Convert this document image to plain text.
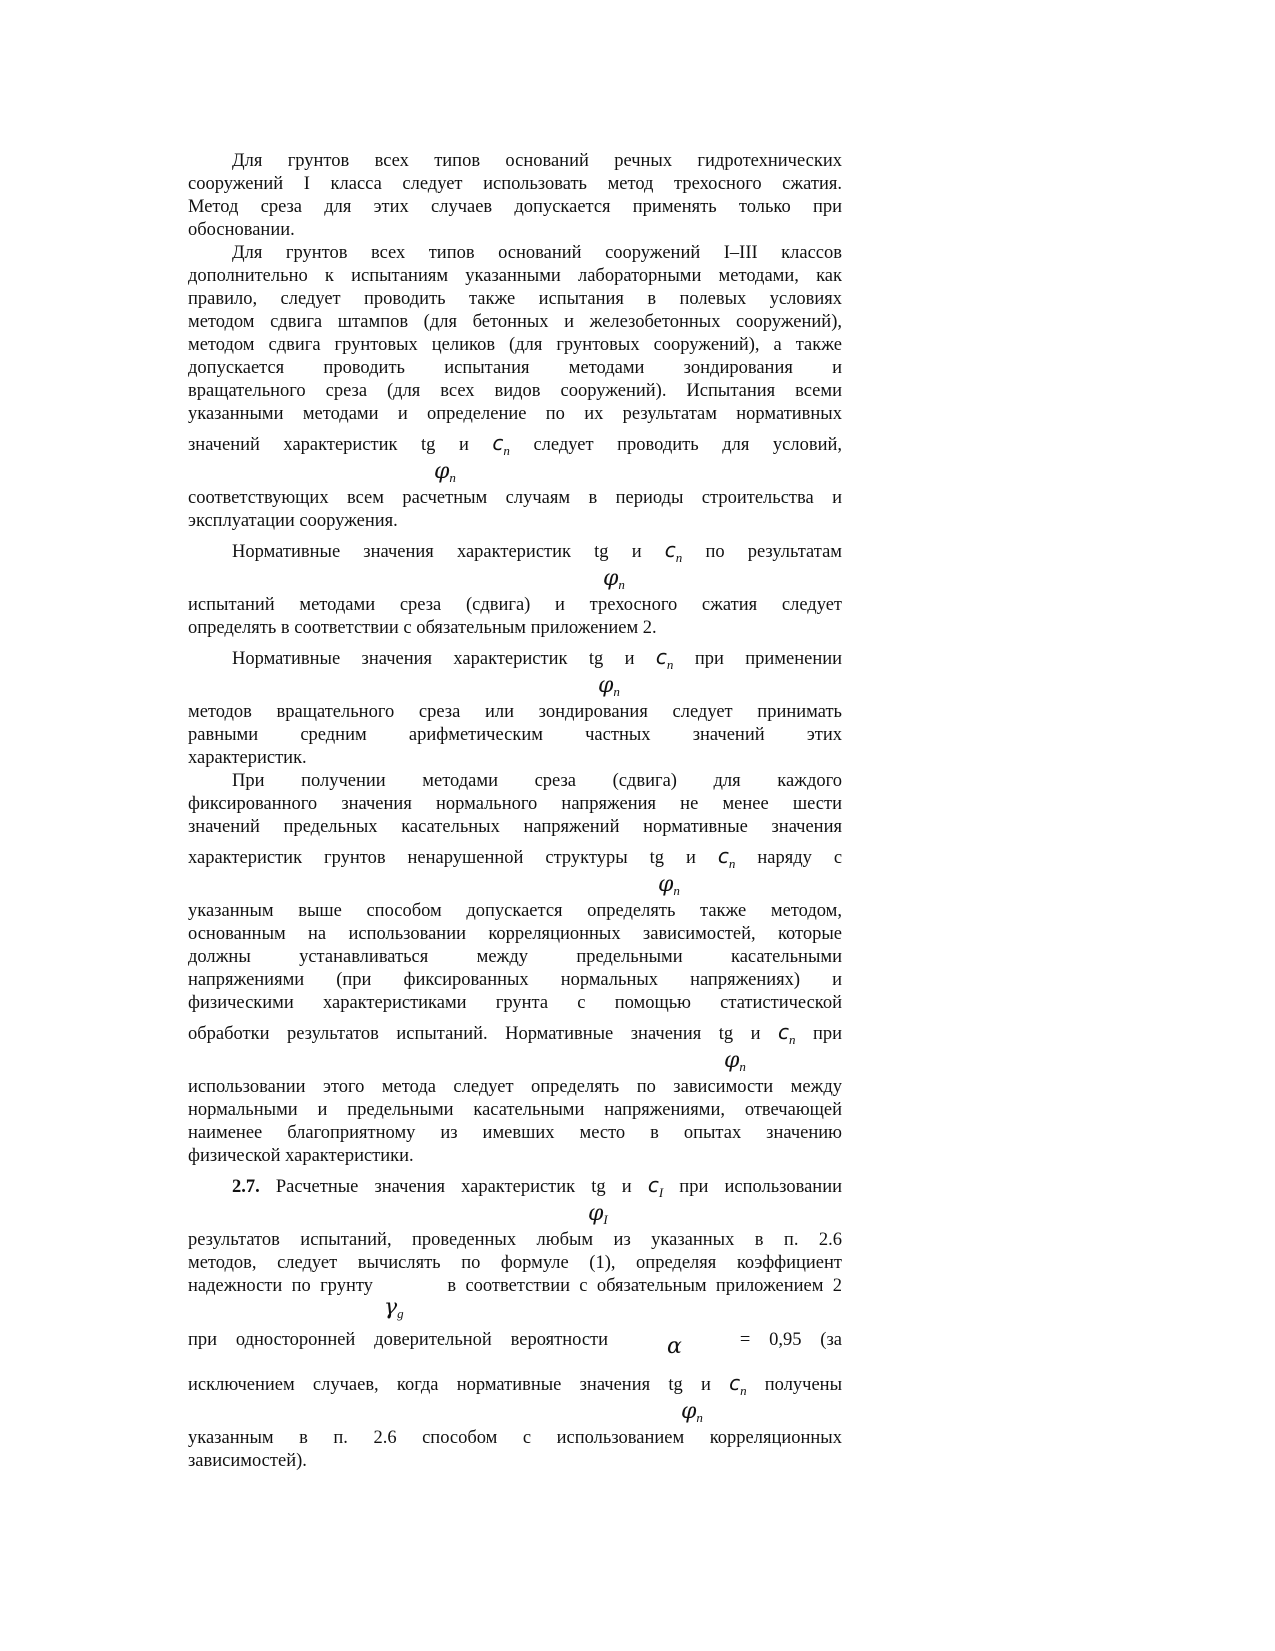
Для грунтов всех типов оснований речных гидротехнических

сооружений I класса следует использовать метод трехосного сжатия.

Метод среза для этих случаев допускается применять только при

обосновании.

Для грунтов всех типов оснований сооружений I–III классов

дополнительно к испытаниям указанными лабораторными методами, как

правило, следует проводить также испытания в полевых условиях

методом сдвига штампов (для бетонных и железобетонных сооружений),

методом сдвига грунтовых целиков (для грунтовых сооружений), а также

допускается проводить испытания методами зондирования и

вращательного среза (для всех видов сооружений). Испытания всеми

указанными методами и определение по их результатам нормативных

значений характеристик tg и $c_n$ следует проводить для условий,

$\varphi_n$

соответствующих всем расчетным случаям в периоды строительства и

эксплуатации сооружения.

Нормативные значения характеристик tg и $c_n$ по результатам

$\varphi_n$

испытаний методами среза (сдвига) и трехосного сжатия следует

определять в соответствии с обязательным приложением 2.

Нормативные значения характеристик tg и $c_n$ при применении

$\varphi_n$

методов вращательного среза или зондирования следует принимать

равными средним арифметическим частных значений этих

характеристик.

При получении методами среза (сдвига) для каждого

фиксированного значения нормального напряжения не менее шести

значений предельных касательных напряжений нормативные значения

характеристик грунтов ненарушенной структуры tg и $c_n$ наряду с

$\varphi_n$

указанным выше способом допускается определять также методом,

основанным на использовании корреляционных зависимостей, которые

должны устанавливаться между предельными касательными

напряжениями (при фиксированных нормальных напряжениях) и

физическими характеристиками грунта с помощью статистической

обработки результатов испытаний. Нормативные значения tg и $c_n$ при

$\varphi_n$

использовании этого метода следует определять по зависимости между

нормальными и предельными касательными напряжениями, отвечающей

наименее благоприятному из имевших место в опытах значению

физической характеристики.

2.7. Расчетные значения характеристик tg и $c_I$ при использовании

$\varphi_I$

результатов испытаний, проведенных любым из указанных в п. 2.6

методов, следует вычислять по формуле (1), определяя коэффициент

надежности по грунту	в соответствии с обязательным приложением 2

$\gamma_g$

при односторонней доверительной вероятности	= 0,95 (за

α

исключением случаев, когда нормативные значения tg и $c_n$ получены

$\varphi_n$

указанным в п. 2.6 способом с использованием корреляционных

зависимостей).
